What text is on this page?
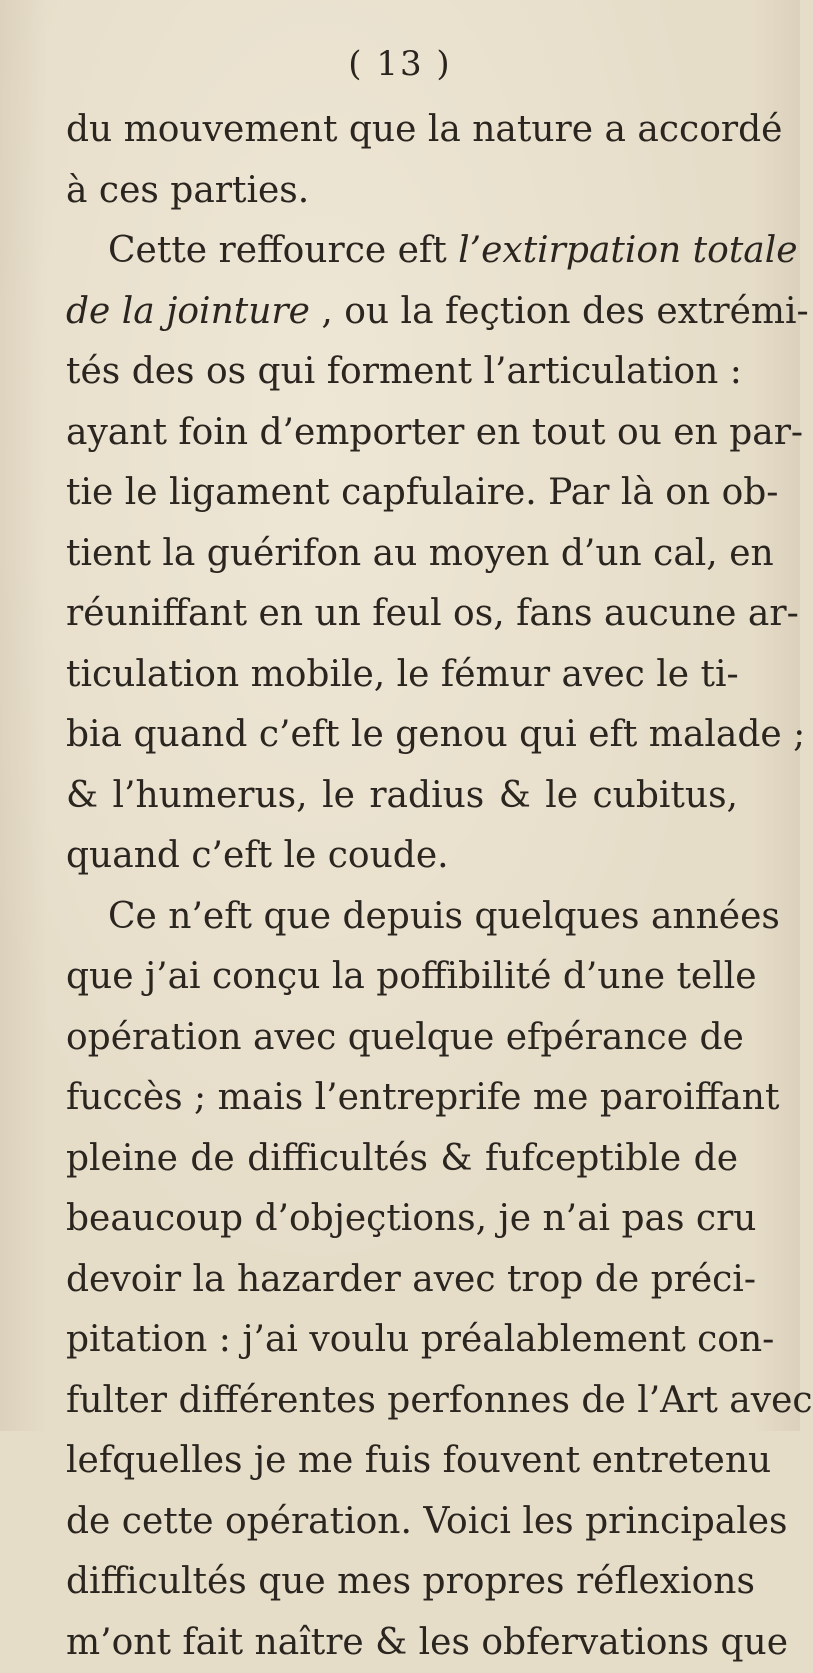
( 13 )
du mouvement que la nature a accordé
à ces parties.
Cette reffource eft l’extirpation totale
de la jointure , ou la feҫtion des extrémi-
tés des os qui forment l’articulation :
ayant foin d’emporter en tout ou en par-
tie le ligament capfulaire. Par là on ob-
tient la guérifon au moyen d’un cal, en
réuniffant en un feul os, fans aucune ar-
ticulation mobile, le fémur avec le ti-
bia quand c’eft le genou qui eft malade ;
& l’humerus, le radius & le cubitus,
quand c’eft le coude.
Ce n’eft que depuis quelques années
que j’ai conçu la poffibilité d’une telle
opération avec quelque efpérance de
fuccès ; mais l’entreprife me paroiffant
pleine de difficultés & fufceptible de
beaucoup d’objeҫtions, je n’ai pas cru
devoir la hazarder avec trop de préci-
pitation : j’ai voulu préalablement con-
fulter différentes perfonnes de l’Art avec
lefquelles je me fuis fouvent entretenu
de cette opération. Voici les principales
difficultés que mes propres réflexions
m’ont fait naître & les obfervations que
